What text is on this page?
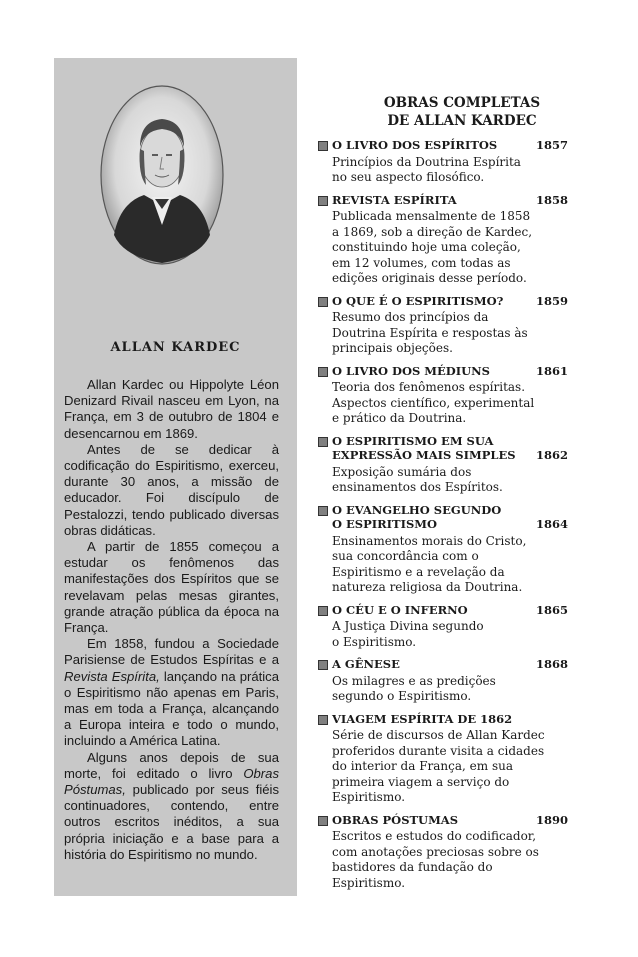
ALLAN KARDEC

Allan Kardec ou Hippolyte Léon Denizard Rivail nasceu em Lyon, na França, em 3 de outubro de 1804 e desencarnou em 1869.

Antes de se dedicar à codificação do Espiritismo, exerceu, durante 30 anos, a missão de educador. Foi discípulo de Pestalozzi, tendo publicado diversas obras didáticas.

A partir de 1855 começou a estudar os fenômenos das manifestações dos Espíritos que se revelavam pelas mesas girantes, grande atração pública da época na França.

Em 1858, fundou a Sociedade Parisiense de Estudos Espíritas e a Revista Espírita, lançando na prática o Espiritismo não apenas em Paris, mas em toda a França, alcançando a Europa inteira e todo o mundo, incluindo a América Latina.

Alguns anos depois de sua morte, foi editado o livro Obras Póstumas, publicado por seus fiéis continuadores, contendo, entre outros escritos inéditos, a sua própria iniciação e a base para a história do Espiritismo no mundo.

OBRAS COMPLETAS
DE ALLAN KARDEC
O LIVRO DOS ESPÍRITOS	1857
Princípios da Doutrina Espírita
no seu aspecto filosófico.
REVISTA ESPÍRITA	1858
Publicada mensalmente de 1858
a 1869, sob a direção de Kardec,
constituindo hoje uma coleção,
em 12 volumes, com todas as
edições originais desse período.
O QUE É O ESPIRITISMO?	1859
Resumo dos princípios da
Doutrina Espírita e respostas às
principais objeções.
O LIVRO DOS MÉDIUNS	1861
Teoria dos fenômenos espíritas.
Aspectos científico, experimental
e prático da Doutrina.
O ESPIRITISMO EM SUA
EXPRESSÃO MAIS SIMPLES 1862
Exposição sumária dos
ensinamentos dos Espíritos.
O EVANGELHO SEGUNDO
O ESPIRITISMO	1864
Ensinamentos morais do Cristo,
sua concordância com o
Espiritismo e a revelação da
natureza religiosa da Doutrina.
O CÉU E O INFERNO	1865
A Justiça Divina segundo
o Espiritismo.
A GÊNESE	1868
Os milagres e as predições
segundo o Espiritismo.
VIAGEM ESPÍRITA DE 1862
Série de discursos de Allan Kardec
proferidos durante visita a cidades
do interior da França, em sua
primeira viagem a serviço do
Espiritismo.
OBRAS PÓSTUMAS	1890
Escritos e estudos do codificador,
com anotações preciosas sobre os
bastidores da fundação do Espiritismo.
